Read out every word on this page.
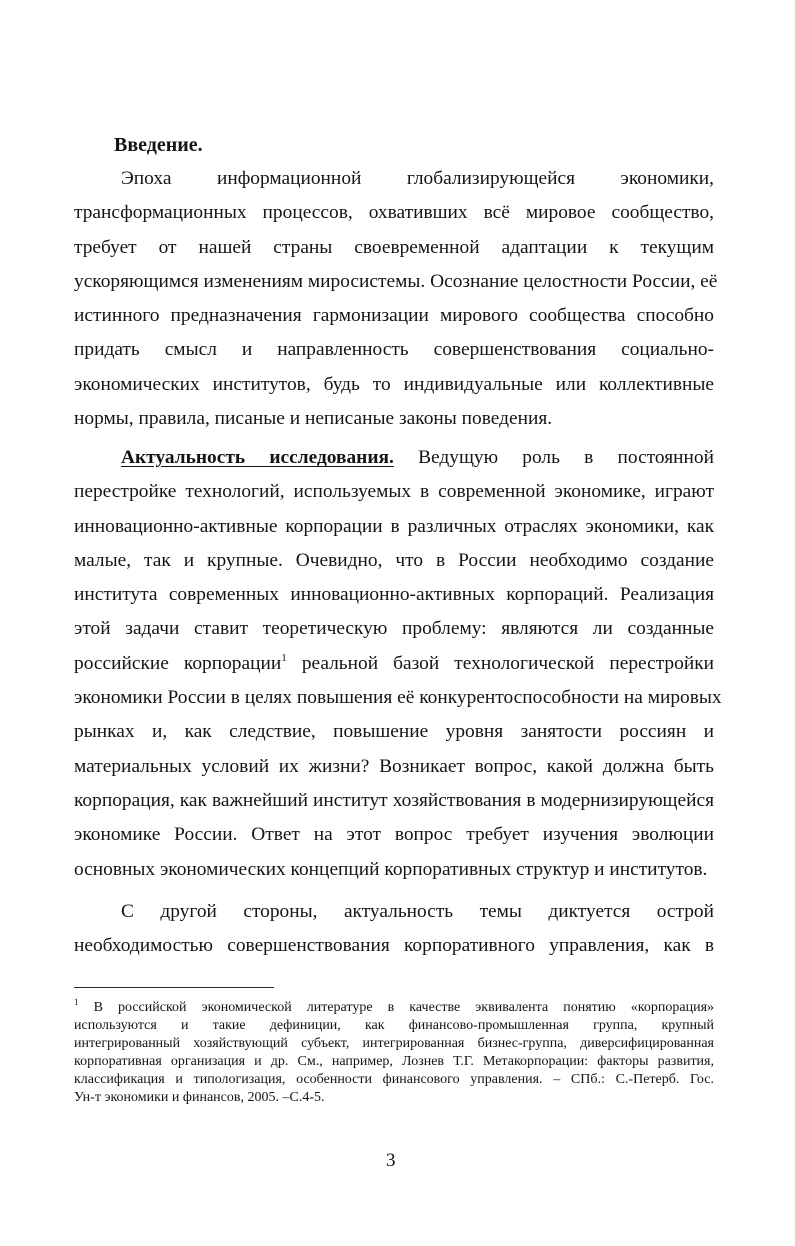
Введение.
Эпоха информационной глобализирующейся экономики,
трансформационных процессов, охвативших всё мировое сообщество,
требует от нашей страны своевременной адаптации к текущим
ускоряющимся изменениям миросистемы. Осознание целостности России, её
истинного предназначения гармонизации мирового сообщества способно
придать смысл и направленность совершенствования социально-
экономических институтов, будь то индивидуальные или коллективные
нормы, правила, писаные и неписаные законы поведения.
Актуальность исследования. Ведущую роль в постоянной
перестройке технологий, используемых в современной экономике, играют
инновационно-активные корпорации в различных отраслях экономики, как
малые, так и крупные. Очевидно, что в России необходимо создание
института современных инновационно-активных корпораций. Реализация
этой задачи ставит теоретическую проблему: являются ли созданные
российские корпорации$^1$ реальной базой технологической перестройки
экономики России в целях повышения её конкурентоспособности на мировых
рынках и, как следствие, повышение уровня занятости россиян и
материальных условий их жизни? Возникает вопрос, какой должна быть
корпорация, как важнейший институт хозяйствования в модернизирующейся
экономике России. Ответ на этот вопрос требует изучения эволюции
основных экономических концепций корпоративных структур и институтов.
С другой стороны, актуальность темы диктуется острой
необходимостью совершенствования корпоративного управления, как в
$^1$ В российской экономической литературе в качестве эквивалента понятию «корпорация»
используются и такие дефиниции, как финансово-промышленная группа, крупный
интегрированный хозяйствующий субъект, интегрированная бизнес-группа, диверсифицированная
корпоративная организация и др. См., например, Лознев Т.Г. Метакорпорации: факторы развития,
классификация и типологизация, особенности финансового управления. – СПб.: С.-Петерб. Гос.
Ун-т экономики и финансов, 2005. –С.4-5.
3
